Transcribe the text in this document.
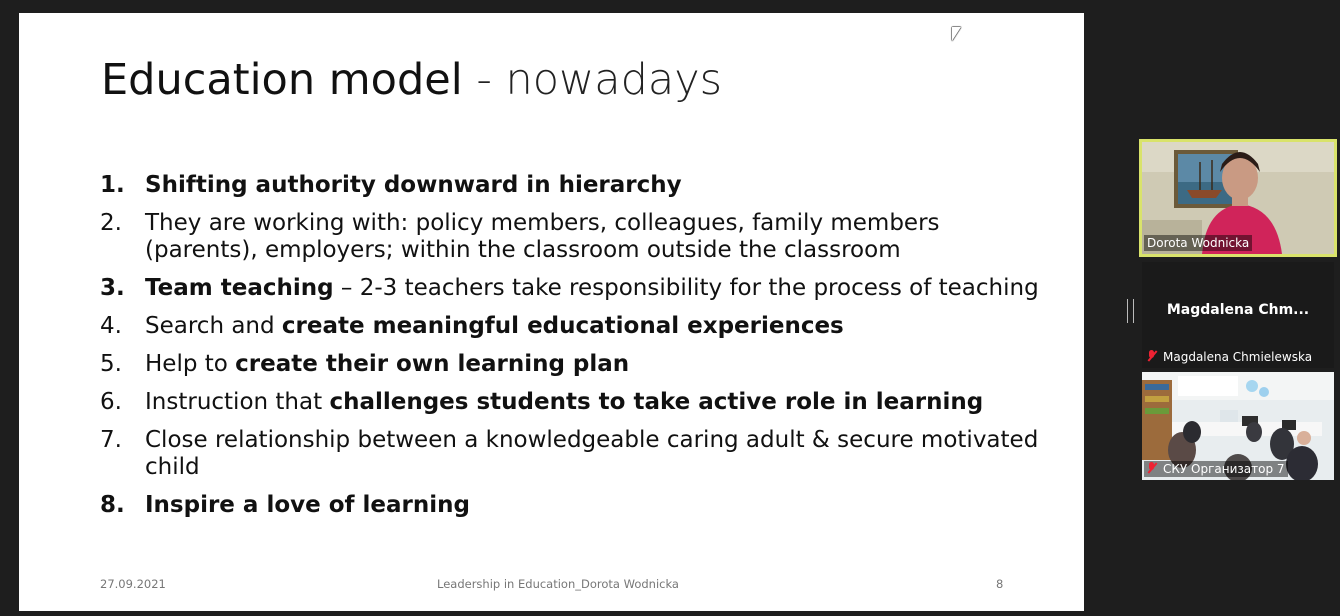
Education model - nowadays
1. Shifting authority downward in hierarchy
2.	They are working with: policy members, colleagues, family members (parents), employers; within the classroom outside the classroom
3. Team teaching – 2-3 teachers take responsibility for the process of teaching
4.	Search and create meaningful educational experiences
5.	Help to create their own learning plan
6.	Instruction that challenges students to take active role in learning
7.	Close relationship between a knowledgeable caring adult & secure motivated child
8. Inspire a love of learning
27.09.2021	Leadership in Education_Dorota Wodnicka	8
Dorota Wodnicka
Magdalena Chm...
Magdalena Chmielewska
СКУ Организатор 7
